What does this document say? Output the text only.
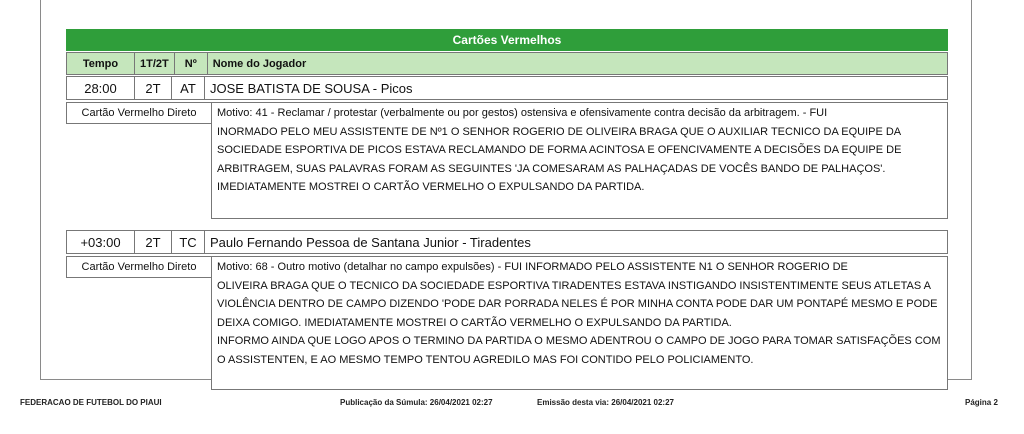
Cartões Vermelhos
Tempo	1T/2T	Nº	Nome do Jogador
28:00	2T	AT	JOSE BATISTA DE SOUSA - Picos
Cartão Vermelho Direto	Motivo: 41 - Reclamar / protestar (verbalmente ou por gestos) ostensiva e ofensivamente contra decisão da arbitragem. - FUI
INORMADO PELO MEU ASSISTENTE DE Nº1 O SENHOR ROGERIO DE OLIVEIRA BRAGA QUE O AUXILIAR TECNICO DA EQUIPE DA SOCIEDADE ESPORTIVA DE PICOS ESTAVA RECLAMANDO DE FORMA ACINTOSA E OFENCIVAMENTE A DECISÕES DA EQUIPE DE ARBITRAGEM, SUAS PALAVRAS FORAM AS SEGUINTES 'JA COMESARAM AS PALHAÇADAS DE VOCÊS BANDO DE PALHAÇOS'.
IMEDIATAMENTE MOSTREI O CARTÃO VERMELHO O EXPULSANDO DA PARTIDA.
+03:00	2T	TC	Paulo Fernando Pessoa de Santana Junior - Tiradentes
Cartão Vermelho Direto	Motivo: 68 - Outro motivo (detalhar no campo expulsões) - FUI INFORMADO PELO ASSISTENTE N1 O SENHOR ROGERIO DE
OLIVEIRA BRAGA QUE O TECNICO DA SOCIEDADE ESPORTIVA TIRADENTES ESTAVA INSTIGANDO INSISTENTIMENTE SEUS ATLETAS A VIOLÊNCIA DENTRO DE CAMPO DIZENDO 'PODE DAR PORRADA NELES É POR MINHA CONTA PODE DAR UM PONTAPÉ MESMO E PODE DEIXA COMIGO. IMEDIATAMENTE MOSTREI O CARTÃO VERMELHO O EXPULSANDO DA PARTIDA.
INFORMO AINDA QUE LOGO APOS O TERMINO DA PARTIDA O MESMO ADENTROU O CAMPO DE JOGO PARA TOMAR SATISFAÇÕES COM O ASSISTENTEN, E AO MESMO TEMPO TENTOU AGREDILO MAS FOI CONTIDO PELO POLICIAMENTO.
FEDERACAO DE FUTEBOL DO PIAUI	Publicação da Súmula: 26/04/2021 02:27	Emissão desta via: 26/04/2021 02:27	Página 2
